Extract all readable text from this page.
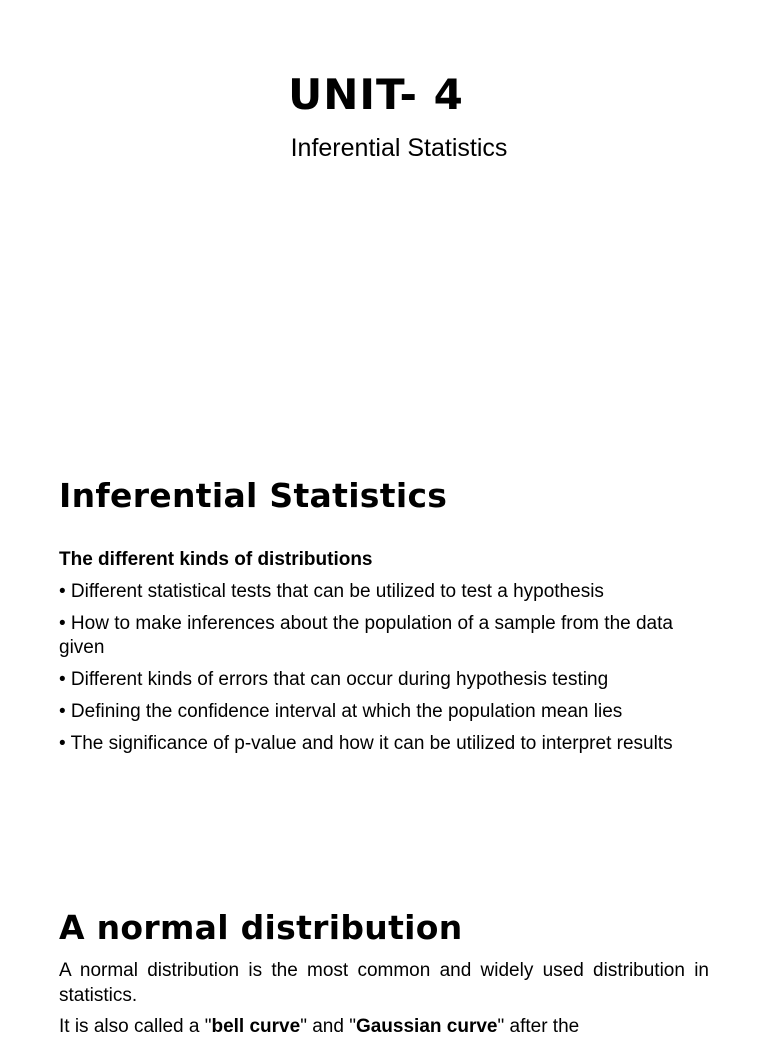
UNIT- 4
Inferential Statistics
Inferential Statistics

The different kinds of distributions

• Different statistical tests that can be utilized to test a hypothesis

• How to make inferences about the population of a sample from the data given

• Different kinds of errors that can occur during hypothesis testing

• Defining the confidence interval at which the population mean lies

• The significance of p-value and how it can be utilized to interpret results

A normal distribution

A normal distribution is the most common and widely used distribution in statistics.

It is also called a "bell curve" and "Gaussian curve" after the
